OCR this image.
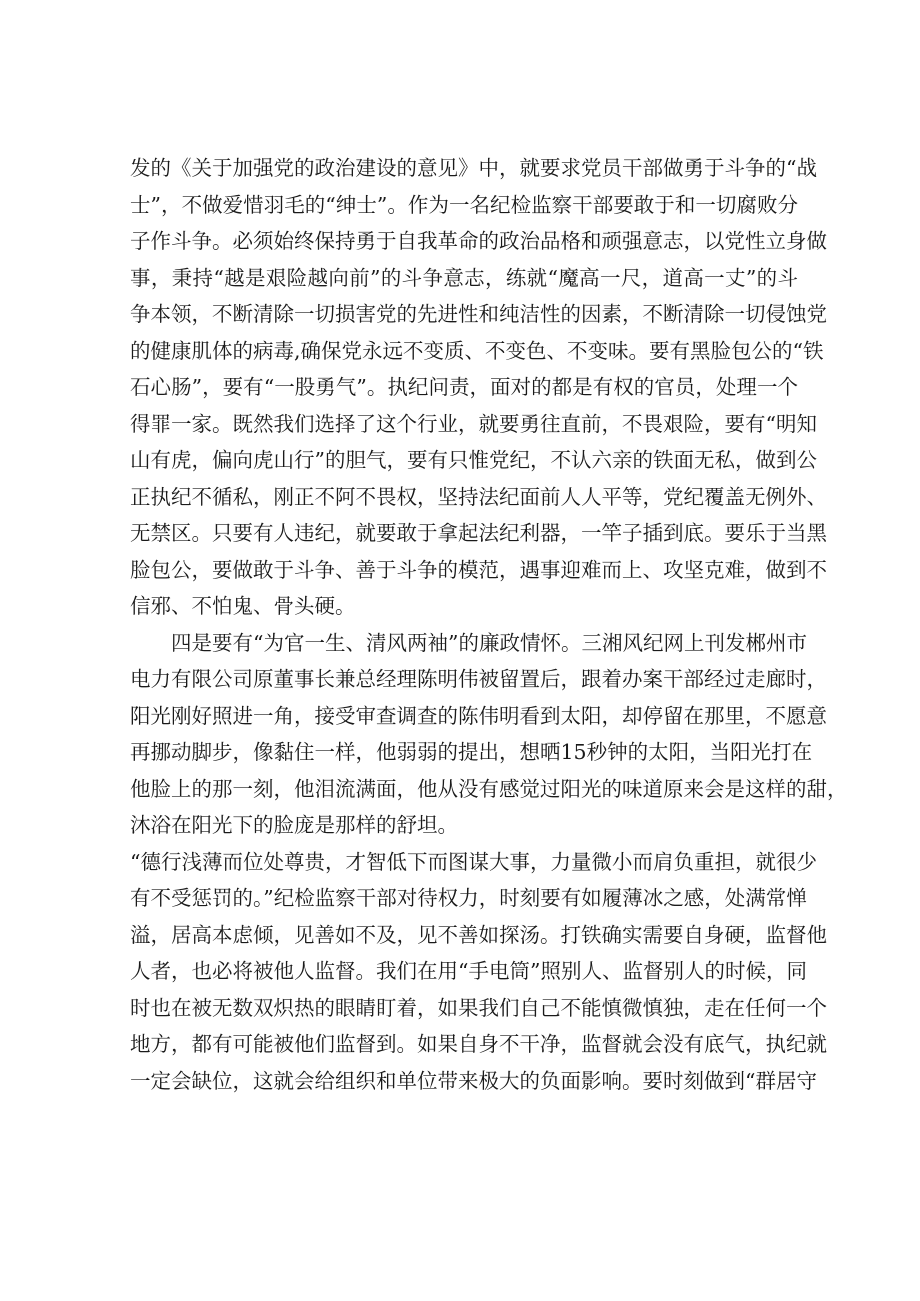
发的《关于加强党的政治建设的意见》中，就要求党员干部做勇于斗争的“战
士”，不做爱惜羽毛的“绅士”。作为一名纪检监察干部要敢于和一切腐败分
子作斗争。必须始终保持勇于自我革命的政治品格和顽强意志，以党性立身做
事，秉持“越是艰险越向前”的斗争意志，练就“魔高一尺，道高一丈”的斗
争本领，不断清除一切损害党的先进性和纯洁性的因素，不断清除一切侵蚀党
的健康肌体的病毒,确保党永远不变质、不变色、不变味。要有黑脸包公的“铁
石心肠”，要有“一股勇气”。执纪问责，面对的都是有权的官员，处理一个
得罪一家。既然我们选择了这个行业，就要勇往直前，不畏艰险，要有“明知
山有虎，偏向虎山行”的胆气，要有只惟党纪，不认六亲的铁面无私，做到公
正执纪不循私，刚正不阿不畏权，坚持法纪面前人人平等，党纪覆盖无例外、
无禁区。只要有人违纪，就要敢于拿起法纪利器，一竿子插到底。要乐于当黑
脸包公，要做敢于斗争、善于斗争的模范，遇事迎难而上、攻坚克难，做到不
信邪、不怕鬼、骨头硬。
四是要有“为官一生、清风两袖”的廉政情怀。三湘风纪网上刊发郴州市
电力有限公司原董事长兼总经理陈明伟被留置后，跟着办案干部经过走廊时，
阳光刚好照进一角，接受审查调查的陈伟明看到太阳，却停留在那里，不愿意
再挪动脚步，像黏住一样，他弱弱的提出，想晒15秒钟的太阳，当阳光打在
他脸上的那一刻，他泪流满面，他从没有感觉过阳光的味道原来会是这样的甜，
沐浴在阳光下的脸庞是那样的舒坦。
“德行浅薄而位处尊贵，才智低下而图谋大事，力量微小而肩负重担，就很少
有不受惩罚的。”纪检监察干部对待权力，时刻要有如履薄冰之感，处满常惮
溢，居高本虑倾，见善如不及，见不善如探汤。打铁确实需要自身硬，监督他
人者，也必将被他人监督。我们在用“手电筒”照别人、监督别人的时候，同
时也在被无数双炽热的眼睛盯着，如果我们自己不能慎微慎独，走在任何一个
地方，都有可能被他们监督到。如果自身不干净，监督就会没有底气，执纪就
一定会缺位，这就会给组织和单位带来极大的负面影响。要时刻做到“群居守
